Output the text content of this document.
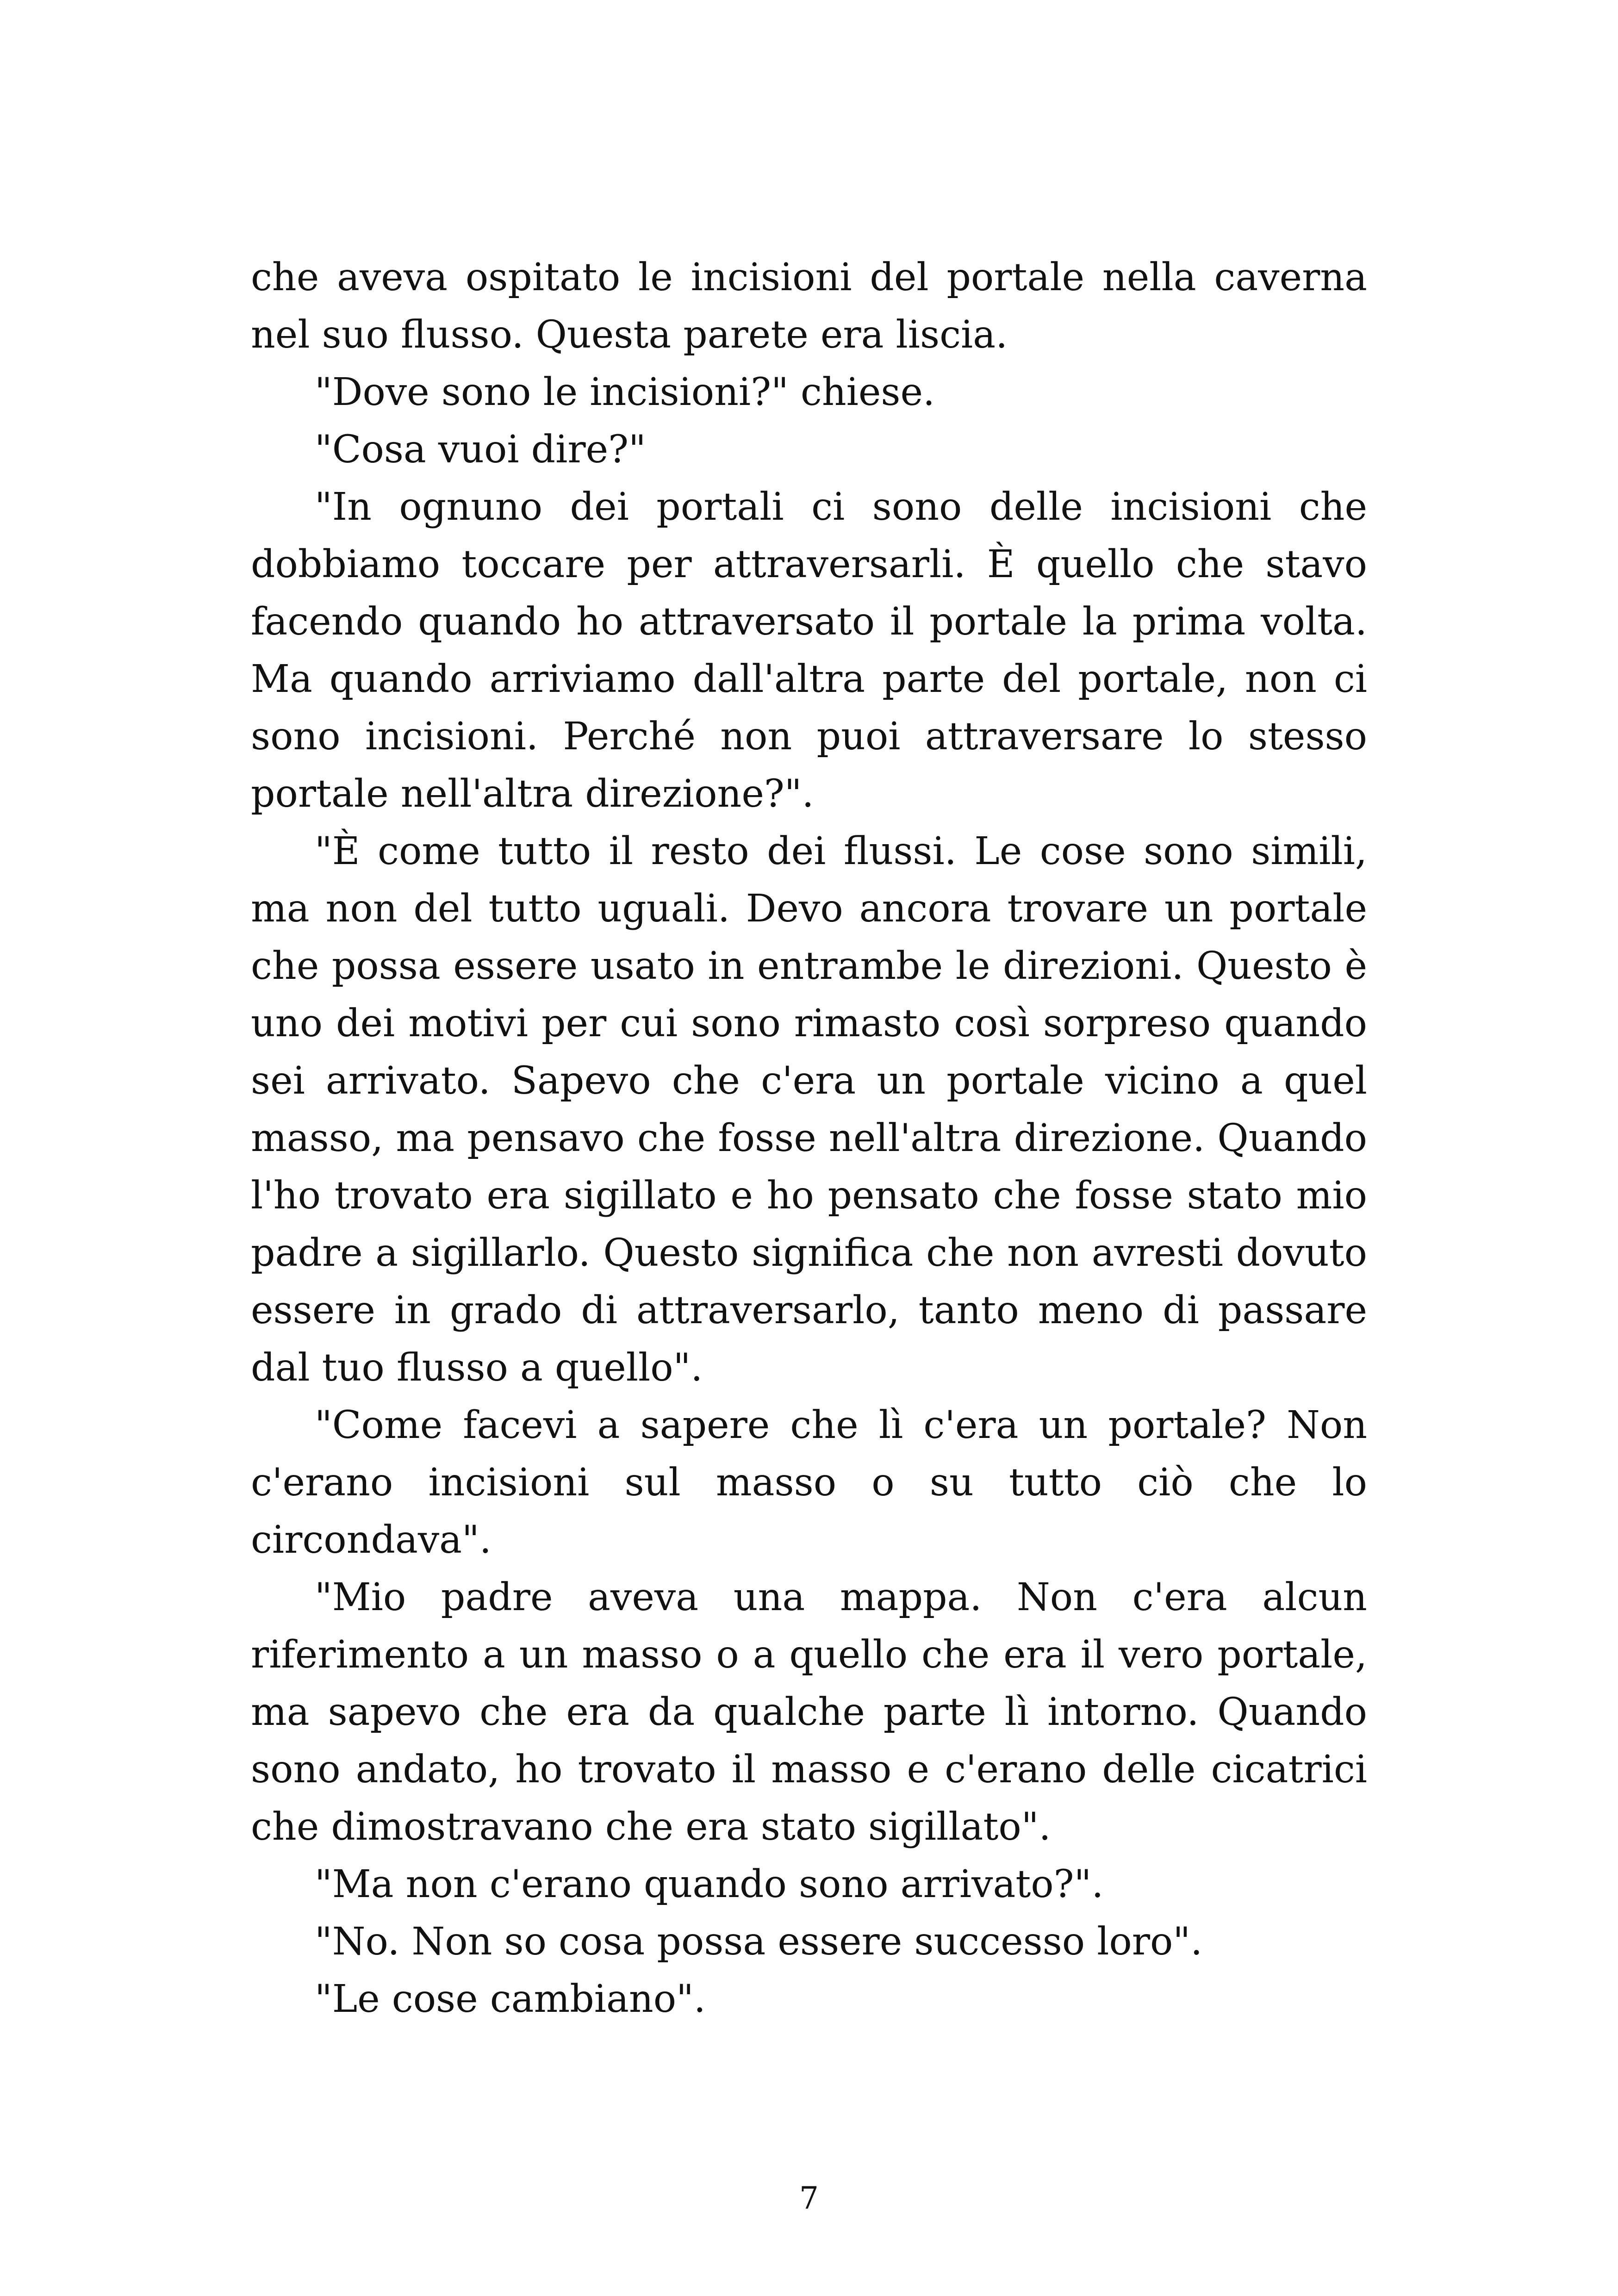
che aveva ospitato le incisioni del portale nella caverna nel suo flusso. Questa parete era liscia.

"Dove sono le incisioni?" chiese.

"Cosa vuoi dire?"

"In ognuno dei portali ci sono delle incisioni che dobbiamo toccare per attraversarli. È quello che stavo facendo quando ho attraversato il portale la prima volta. Ma quando arriviamo dall'altra parte del portale, non ci sono incisioni. Perché non puoi attraversare lo stesso portale nell'altra direzione?".

"È come tutto il resto dei flussi. Le cose sono simili, ma non del tutto uguali. Devo ancora trovare un portale che possa essere usato in entrambe le direzioni. Questo è uno dei motivi per cui sono rimasto così sorpreso quando sei arrivato. Sapevo che c'era un portale vicino a quel masso, ma pensavo che fosse nell'altra direzione. Quando l'ho trovato era sigillato e ho pensato che fosse stato mio padre a sigillarlo. Questo significa che non avresti dovuto essere in grado di attraversarlo, tanto meno di passare dal tuo flusso a quello".

"Come facevi a sapere che lì c'era un portale? Non c'erano incisioni sul masso o su tutto ciò che lo circondava".

"Mio padre aveva una mappa. Non c'era alcun riferimento a un masso o a quello che era il vero portale, ma sapevo che era da qualche parte lì intorno. Quando sono andato, ho trovato il masso e c'erano delle cicatrici che dimostravano che era stato sigillato".

"Ma non c'erano quando sono arrivato?".

"No. Non so cosa possa essere successo loro".

"Le cose cambiano".

7
